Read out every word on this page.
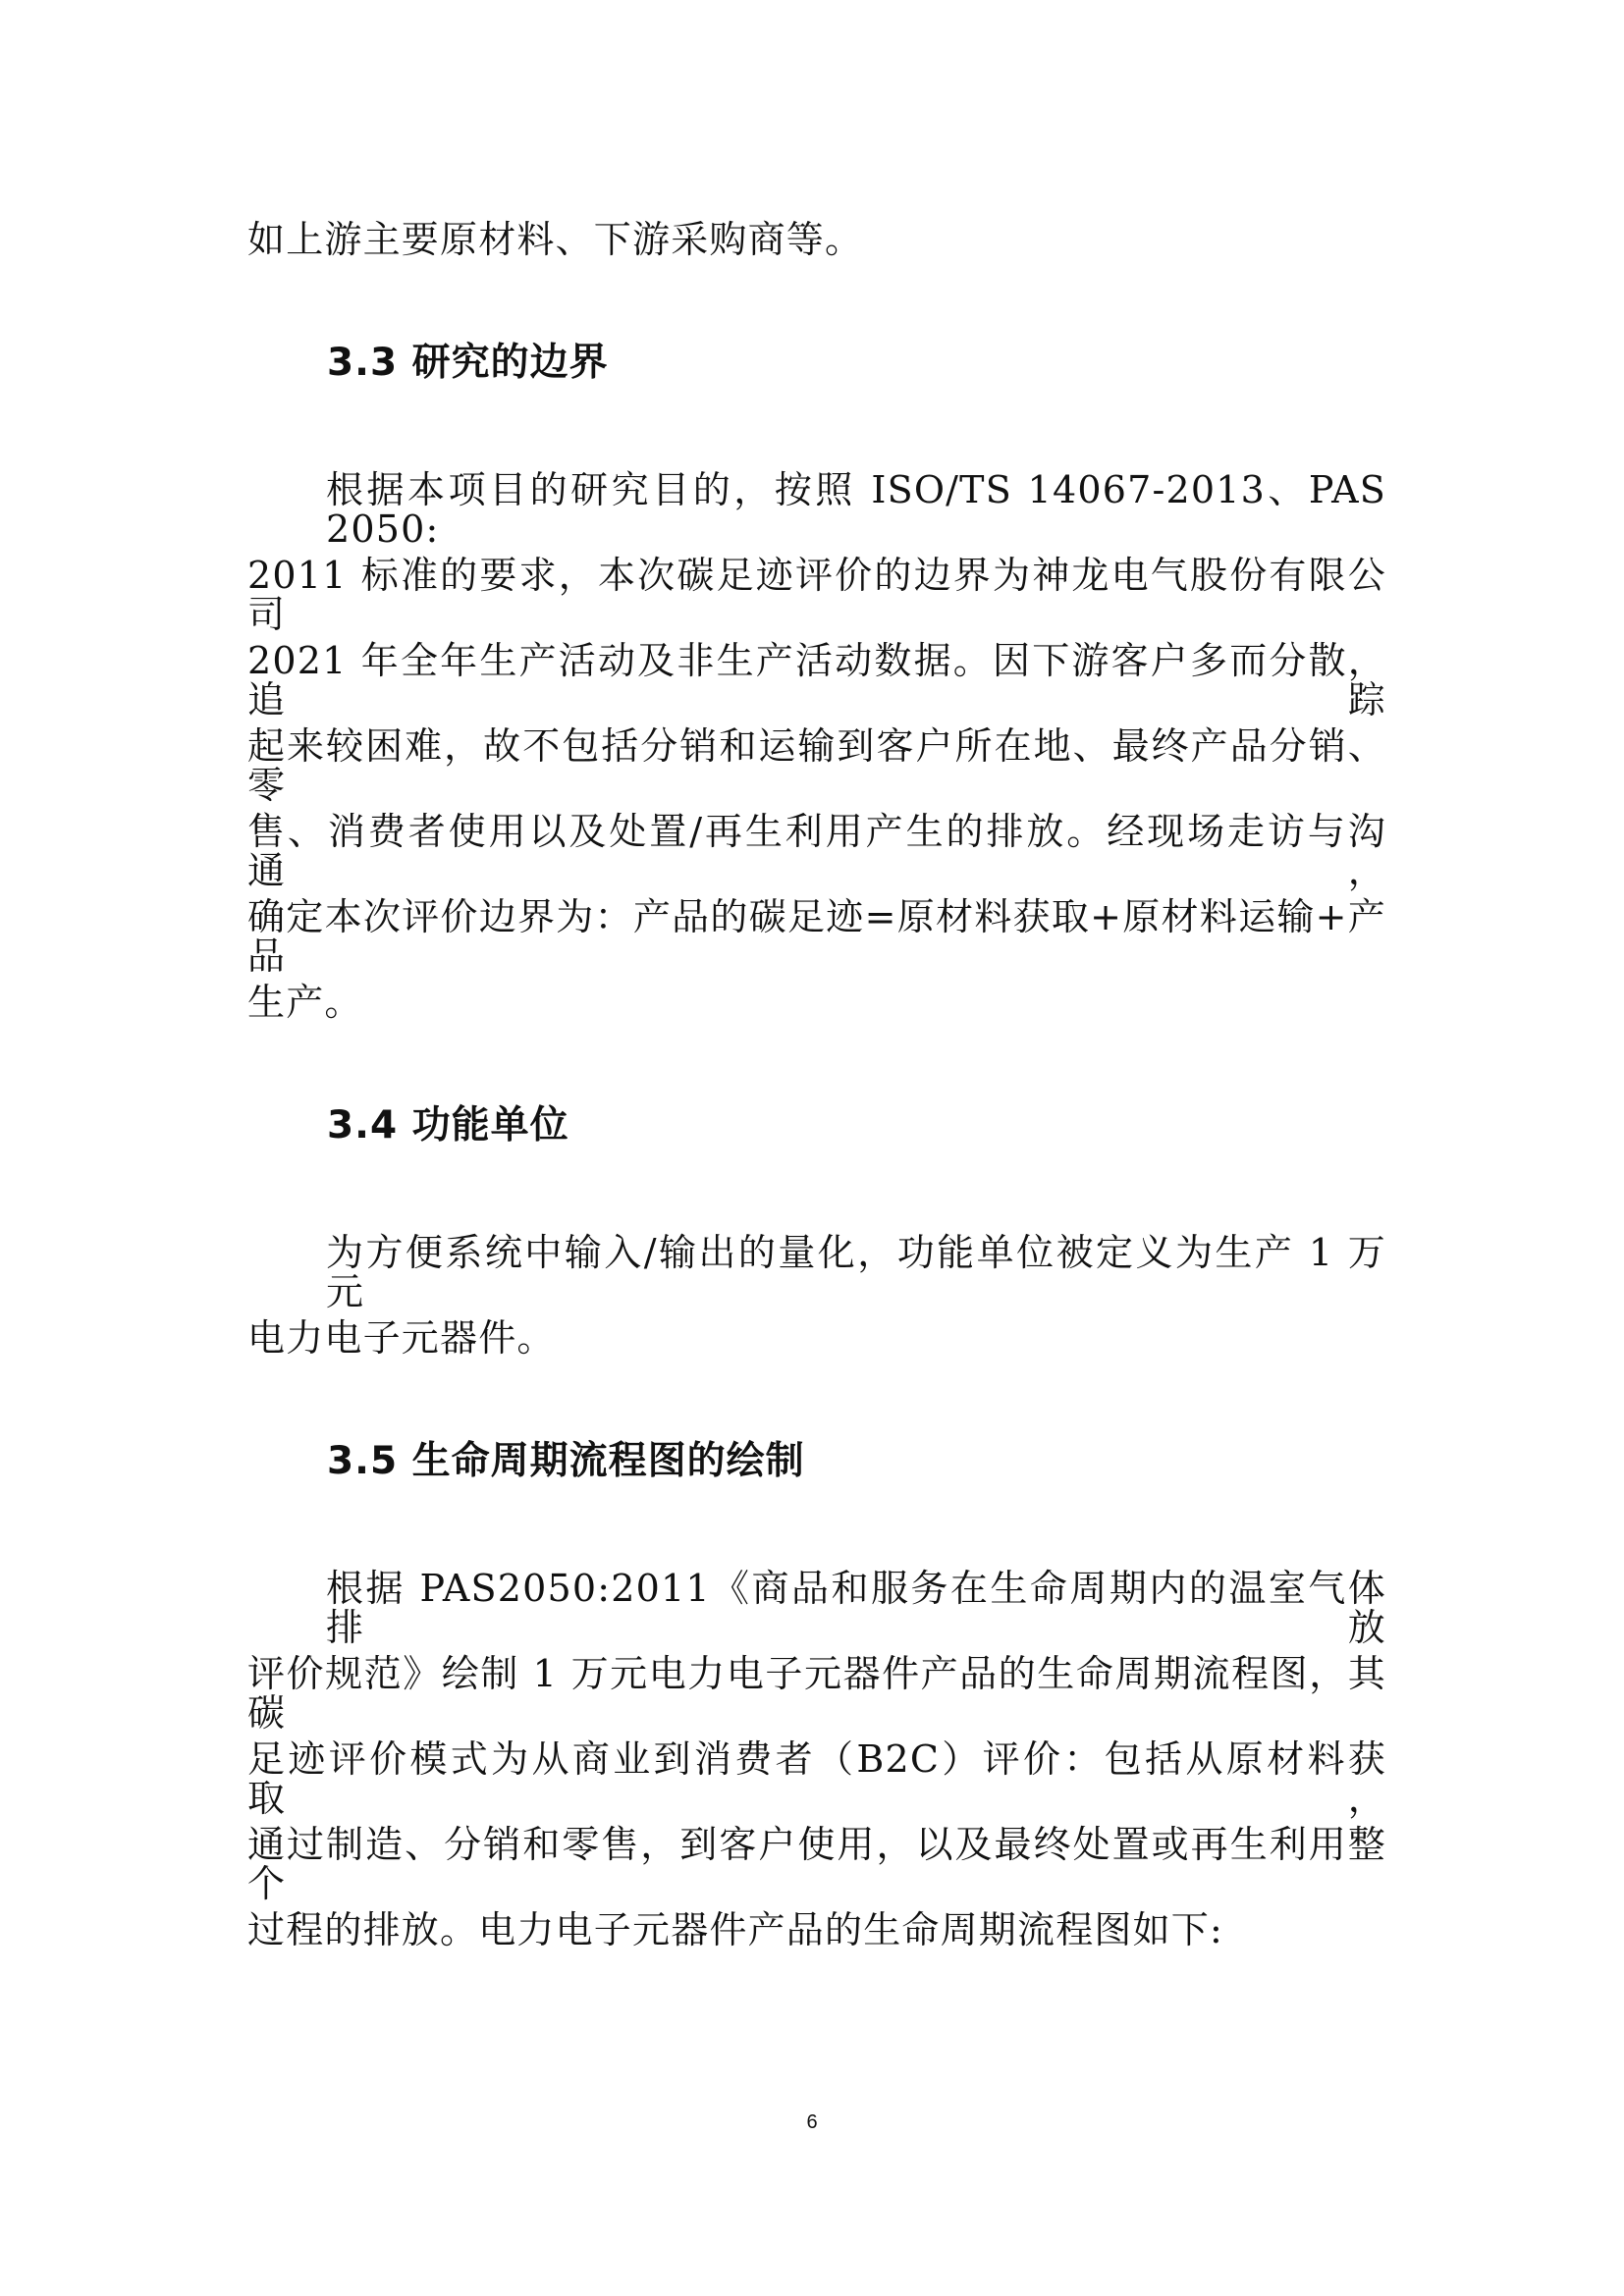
如上游主要原材料、下游采购商等。
3.3 研究的边界
根据本项目的研究目的，按照 ISO/TS 14067-2013、PAS 2050:
2011 标准的要求，本次碳足迹评价的边界为神龙电气股份有限公司
2021 年全年生产活动及非生产活动数据。因下游客户多而分散，追踪
起来较困难，故不包括分销和运输到客户所在地、最终产品分销、零
售、消费者使用以及处置/再生利用产生的排放。经现场走访与沟通，
确定本次评价边界为：产品的碳足迹=原材料获取+原材料运输+产品
生产。
3.4 功能单位
为方便系统中输入/输出的量化，功能单位被定义为生产 1 万元
电力电子元器件。
3.5 生命周期流程图的绘制
根据 PAS2050:2011《商品和服务在生命周期内的温室气体排放
评价规范》绘制 1 万元电力电子元器件产品的生命周期流程图，其碳
足迹评价模式为从商业到消费者（B2C）评价：包括从原材料获取，
通过制造、分销和零售，到客户使用，以及最终处置或再生利用整个
过程的排放。电力电子元器件产品的生命周期流程图如下:
6
